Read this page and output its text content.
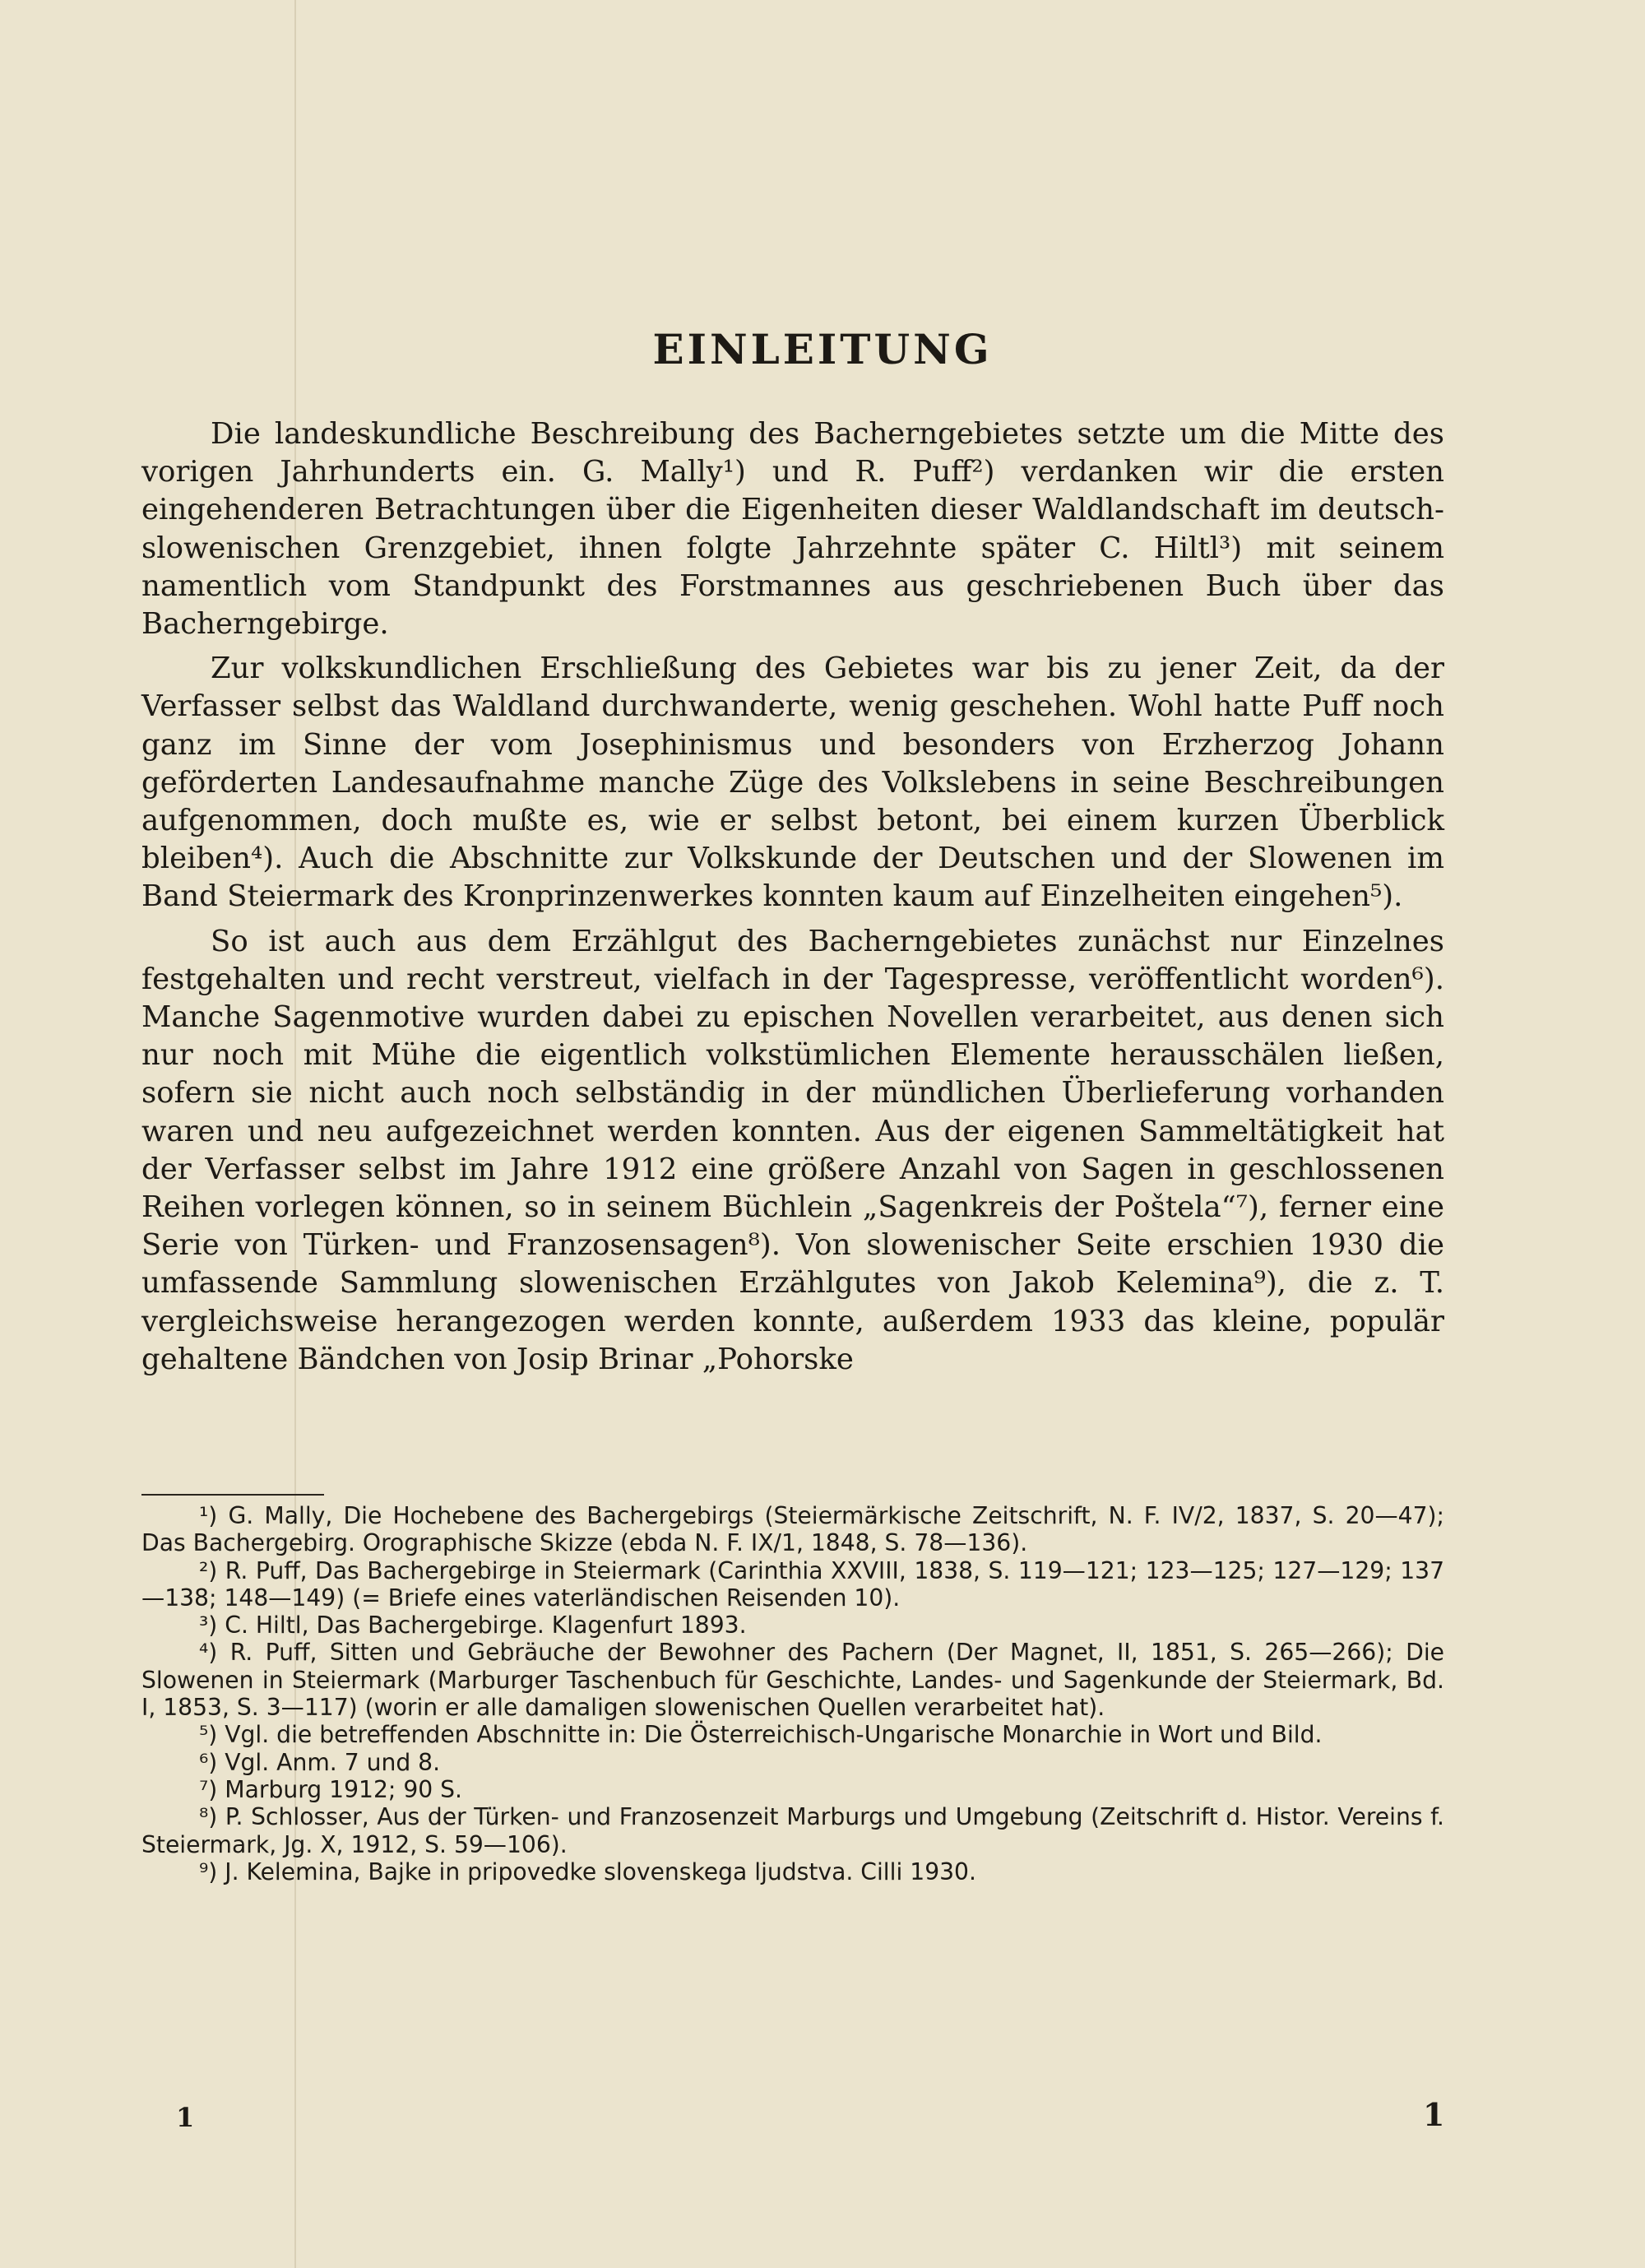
EINLEITUNG

Die landeskundliche Beschreibung des Bacherngebietes setzte um die Mitte des vorigen Jahrhunderts ein. G. Mally¹) und R. Puff²) verdanken wir die ersten eingehenderen Betrachtungen über die Eigenheiten dieser Waldlandschaft im deutsch-slowenischen Grenzgebiet, ihnen folgte Jahrzehnte später C. Hiltl³) mit seinem namentlich vom Standpunkt des Forstmannes aus geschriebenen Buch über das Bacherngebirge.

Zur volkskundlichen Erschließung des Gebietes war bis zu jener Zeit, da der Verfasser selbst das Waldland durchwanderte, wenig geschehen. Wohl hatte Puff noch ganz im Sinne der vom Josephinismus und besonders von Erzherzog Johann geförderten Landesaufnahme manche Züge des Volkslebens in seine Beschreibungen aufgenommen, doch mußte es, wie er selbst betont, bei einem kurzen Überblick bleiben⁴). Auch die Abschnitte zur Volkskunde der Deutschen und der Slowenen im Band Steiermark des Kronprinzenwerkes konnten kaum auf Einzelheiten eingehen⁵).

So ist auch aus dem Erzählgut des Bacherngebietes zunächst nur Einzelnes festgehalten und recht verstreut, vielfach in der Tagespresse, veröffentlicht worden⁶). Manche Sagenmotive wurden dabei zu epischen Novellen verarbeitet, aus denen sich nur noch mit Mühe die eigentlich volkstümlichen Elemente herausschälen ließen, sofern sie nicht auch noch selbständig in der mündlichen Überlieferung vorhanden waren und neu aufgezeichnet werden konnten. Aus der eigenen Sammeltätigkeit hat der Verfasser selbst im Jahre 1912 eine größere Anzahl von Sagen in geschlossenen Reihen vorlegen können, so in seinem Büchlein „Sagenkreis der Poštela“⁷), ferner eine Serie von Türken- und Franzosensagen⁸). Von slowenischer Seite erschien 1930 die umfassende Sammlung slowenischen Erzählgutes von Jakob Kelemina⁹), die z. T. vergleichsweise herangezogen werden konnte, außerdem 1933 das kleine, populär gehaltene Bändchen von Josip Brinar „Pohorske

¹) G. Mally, Die Hochebene des Bachergebirgs (Steiermärkische Zeitschrift, N. F. IV/2, 1837, S. 20—47); Das Bachergebirg. Orographische Skizze (ebda N. F. IX/1, 1848, S. 78—136).

²) R. Puff, Das Bachergebirge in Steiermark (Carinthia XXVIII, 1838, S. 119—121; 123—125; 127—129; 137—138; 148—149) (= Briefe eines vaterländischen Reisenden 10).

³) C. Hiltl, Das Bachergebirge. Klagenfurt 1893.

⁴) R. Puff, Sitten und Gebräuche der Bewohner des Pachern (Der Magnet, II, 1851, S. 265—266); Die Slowenen in Steiermark (Marburger Taschenbuch für Geschichte, Landes- und Sagenkunde der Steiermark, Bd. I, 1853, S. 3—117) (worin er alle damaligen slowenischen Quellen verarbeitet hat).

⁵) Vgl. die betreffenden Abschnitte in: Die Österreichisch-Ungarische Monarchie in Wort und Bild.

⁶) Vgl. Anm. 7 und 8.

⁷) Marburg 1912; 90 S.

⁸) P. Schlosser, Aus der Türken- und Franzosenzeit Marburgs und Umgebung (Zeitschrift d. Histor. Vereins f. Steiermark, Jg. X, 1912, S. 59—106).

⁹) J. Kelemina, Bajke in pripovedke slovenskega ljudstva. Cilli 1930.

1	1
